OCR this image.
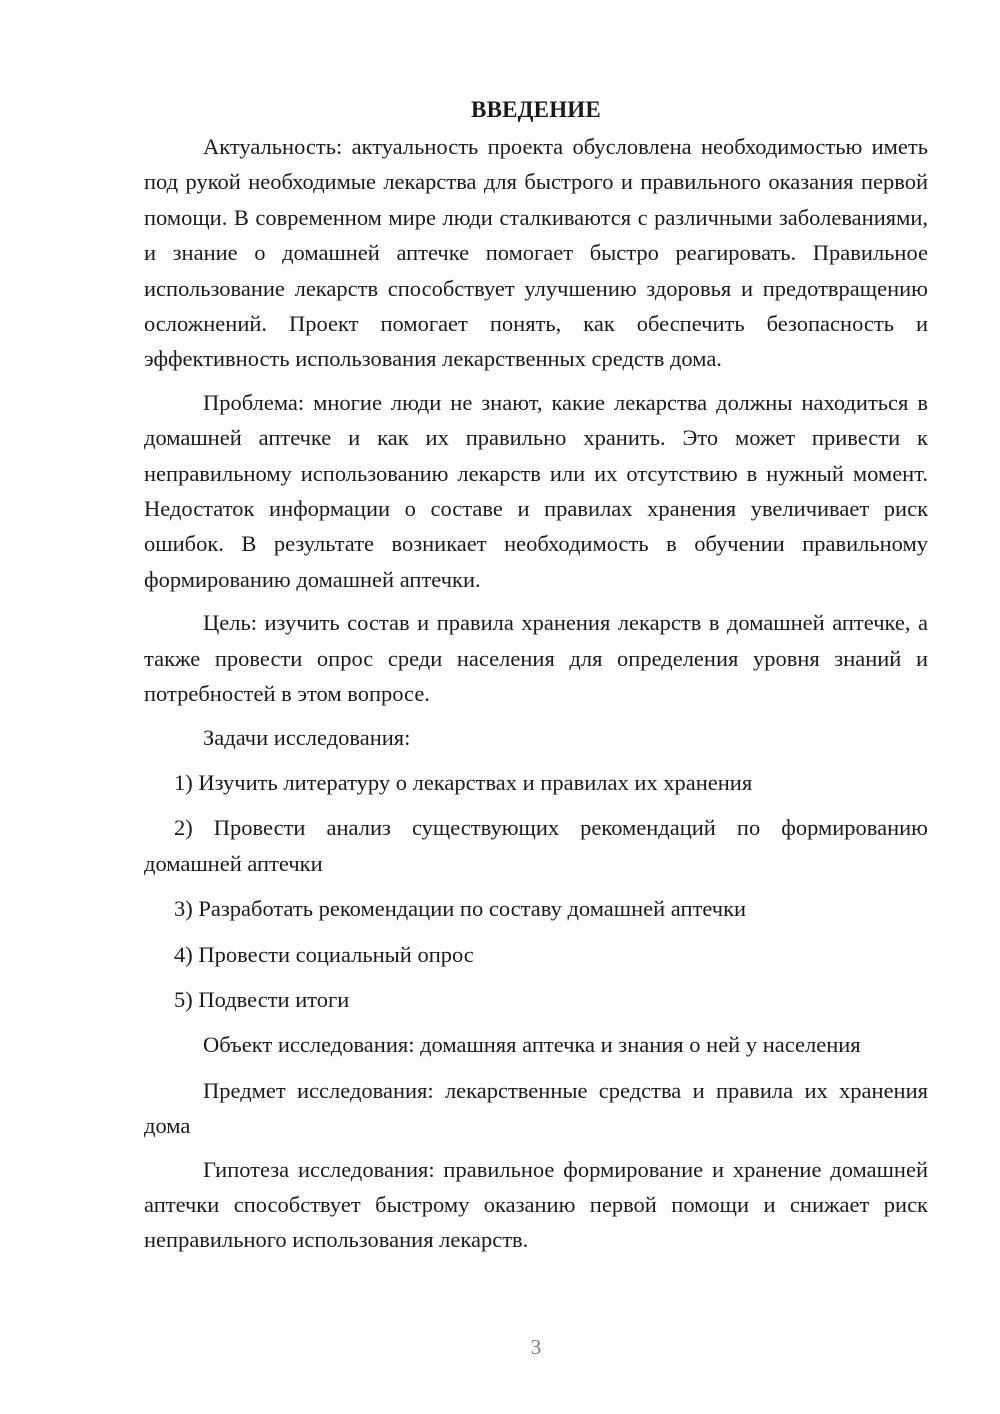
ВВЕДЕНИЕ

Актуальность: актуальность проекта обусловлена необходимостью иметь под рукой необходимые лекарства для быстрого и правильного оказания первой помощи. В современном мире люди сталкиваются с различными заболеваниями, и знание о домашней аптечке помогает быстро реагировать. Правильное использование лекарств способствует улучшению здоровья и предотвращению осложнений. Проект помогает понять, как обеспечить безопасность и эффективность использования лекарственных средств дома.

Проблема: многие люди не знают, какие лекарства должны находиться в домашней аптечке и как их правильно хранить. Это может привести к неправильному использованию лекарств или их отсутствию в нужный момент. Недостаток информации о составе и правилах хранения увеличивает риск ошибок. В результате возникает необходимость в обучении правильному формированию домашней аптечки.

Цель: изучить состав и правила хранения лекарств в домашней аптечке, а также провести опрос среди населения для определения уровня знаний и потребностей в этом вопросе.

Задачи исследования:

1) Изучить литературу о лекарствах и правилах их хранения

2) Провести анализ существующих рекомендаций по формированию домашней аптечки

3) Разработать рекомендации по составу домашней аптечки

4) Провести социальный опрос

5) Подвести итоги

Объект исследования: домашняя аптечка и знания о ней у населения

Предмет исследования: лекарственные средства и правила их хранения дома

Гипотеза исследования: правильное формирование и хранение домашней аптечки способствует быстрому оказанию первой помощи и снижает риск неправильного использования лекарств.

3
